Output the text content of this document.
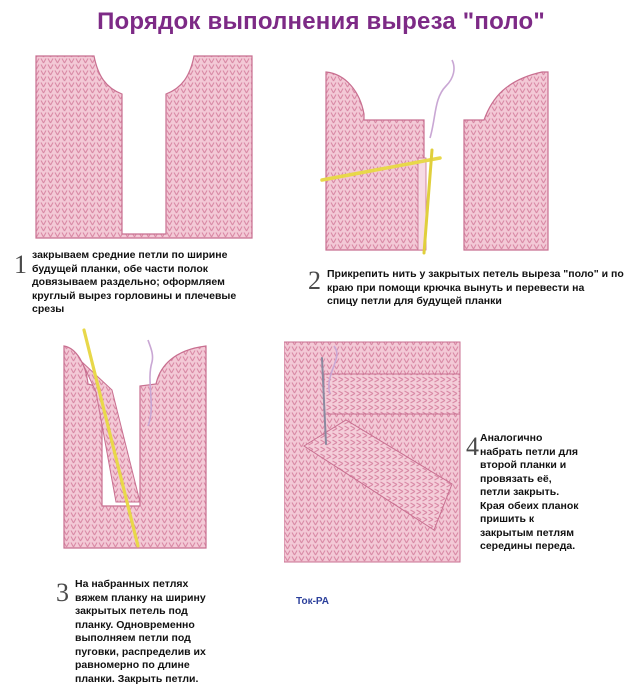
Порядок выполнения выреза "поло"
1 закрываем средние петли по ширине
будущей планки, обе части полок
довязываем раздельно; оформляем
круглый вырез горловины и плечевые
срезы
2 Прикрепить нить у закрытых петель выреза "поло" и по
краю при помощи крючка вынуть и перевести на
спицу петли для будущей планки
3 На набранных петлях
вяжем планку на ширину
закрытых петель под
планку. Одновременно
выполняем петли под
пуговки, распределив их
равномерно по длине
планки. Закрыть петли.
4 Аналогично
набрать петли для
второй планки и
провязать её,
петли закрыть.
Края обеих планок
пришить к
закрытым петлям
середины переда.
Ток-РА
